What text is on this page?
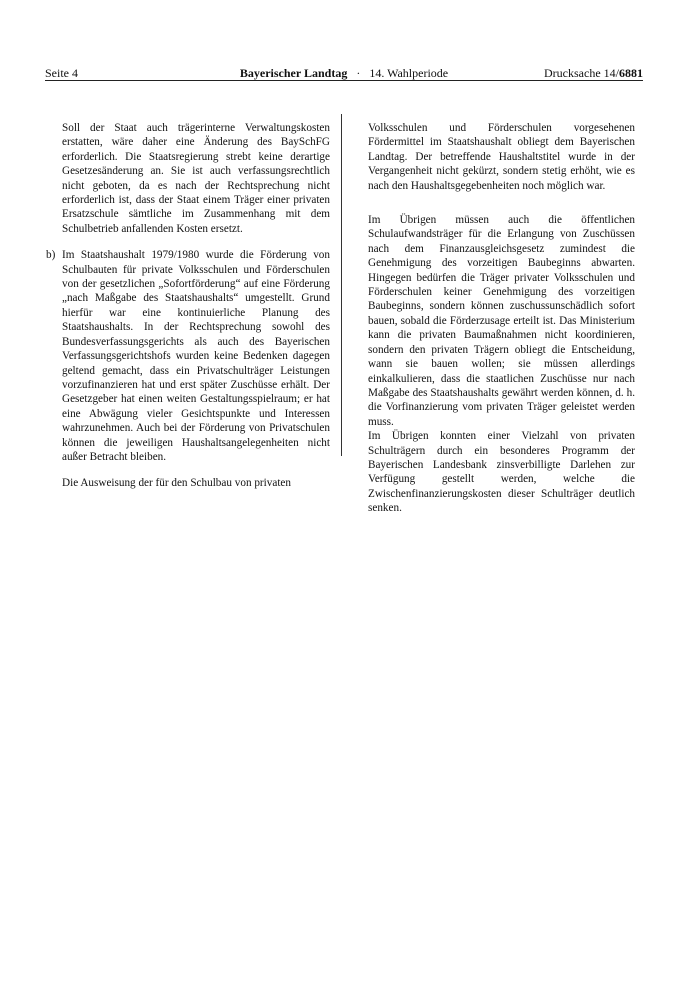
Seite 4	Bayerischer Landtag · 14. Wahlperiode	Drucksache 14/6881

Soll der Staat auch trägerinterne Verwaltungskosten erstatten, wäre daher eine Änderung des BaySchFG erforderlich. Die Staatsregierung strebt keine derartige Gesetzesänderung an. Sie ist auch verfassungsrechtlich nicht geboten, da es nach der Rechtsprechung nicht erforderlich ist, dass der Staat einem Träger einer privaten Ersatzschule sämtliche im Zusammenhang mit dem Schulbetrieb anfallenden Kosten ersetzt.

b) Im Staatshaushalt 1979/1980 wurde die Förderung von Schulbauten für private Volksschulen und Förderschulen von der gesetzlichen „Sofortförderung“ auf eine Förderung „nach Maßgabe des Staatshaushalts“ umgestellt. Grund hierfür war eine kontinuierliche Planung des Staatshaushalts. In der Rechtsprechung sowohl des Bundesverfassungsgerichts als auch des Bayerischen Verfassungsgerichtshofs wurden keine Bedenken dagegen geltend gemacht, dass ein Privatschulträger Leistungen vorzufinanzieren hat und erst später Zuschüsse erhält. Der Gesetzgeber hat einen weiten Gestaltungsspielraum; er hat eine Abwägung vieler Gesichtspunkte und Interessen wahrzunehmen. Auch bei der Förderung von Privatschulen können die jeweiligen Haushaltsangelegenheiten nicht außer Betracht bleiben.

Die Ausweisung der für den Schulbau von privaten

Volksschulen und Förderschulen vorgesehenen Fördermittel im Staatshaushalt obliegt dem Bayerischen Landtag. Der betreffende Haushaltstitel wurde in der Vergangenheit nicht gekürzt, sondern stetig erhöht, wie es nach den Haushaltsgegebenheiten noch möglich war.

Im Übrigen müssen auch die öffentlichen Schulaufwandsträger für die Erlangung von Zuschüssen nach dem Finanzausgleichsgesetz zumindest die Genehmigung des vorzeitigen Baubeginns abwarten. Hingegen bedürfen die Träger privater Volksschulen und Förderschulen keiner Genehmigung des vorzeitigen Baubeginns, sondern können zuschussunschädlich sofort bauen, sobald die Förderzusage erteilt ist. Das Ministerium kann die privaten Baumaßnahmen nicht koordinieren, sondern den privaten Trägern obliegt die Entscheidung, wann sie bauen wollen; sie müssen allerdings einkalkulieren, dass die staatlichen Zuschüsse nur nach Maßgabe des Staatshaushalts gewährt werden können, d. h. die Vorfinanzierung vom privaten Träger geleistet werden muss.

Im Übrigen konnten einer Vielzahl von privaten Schulträgern durch ein besonderes Programm der Bayerischen Landesbank zinsverbilligte Darlehen zur Verfügung gestellt werden, welche die Zwischenfinanzierungskosten dieser Schulträger deutlich senken.
